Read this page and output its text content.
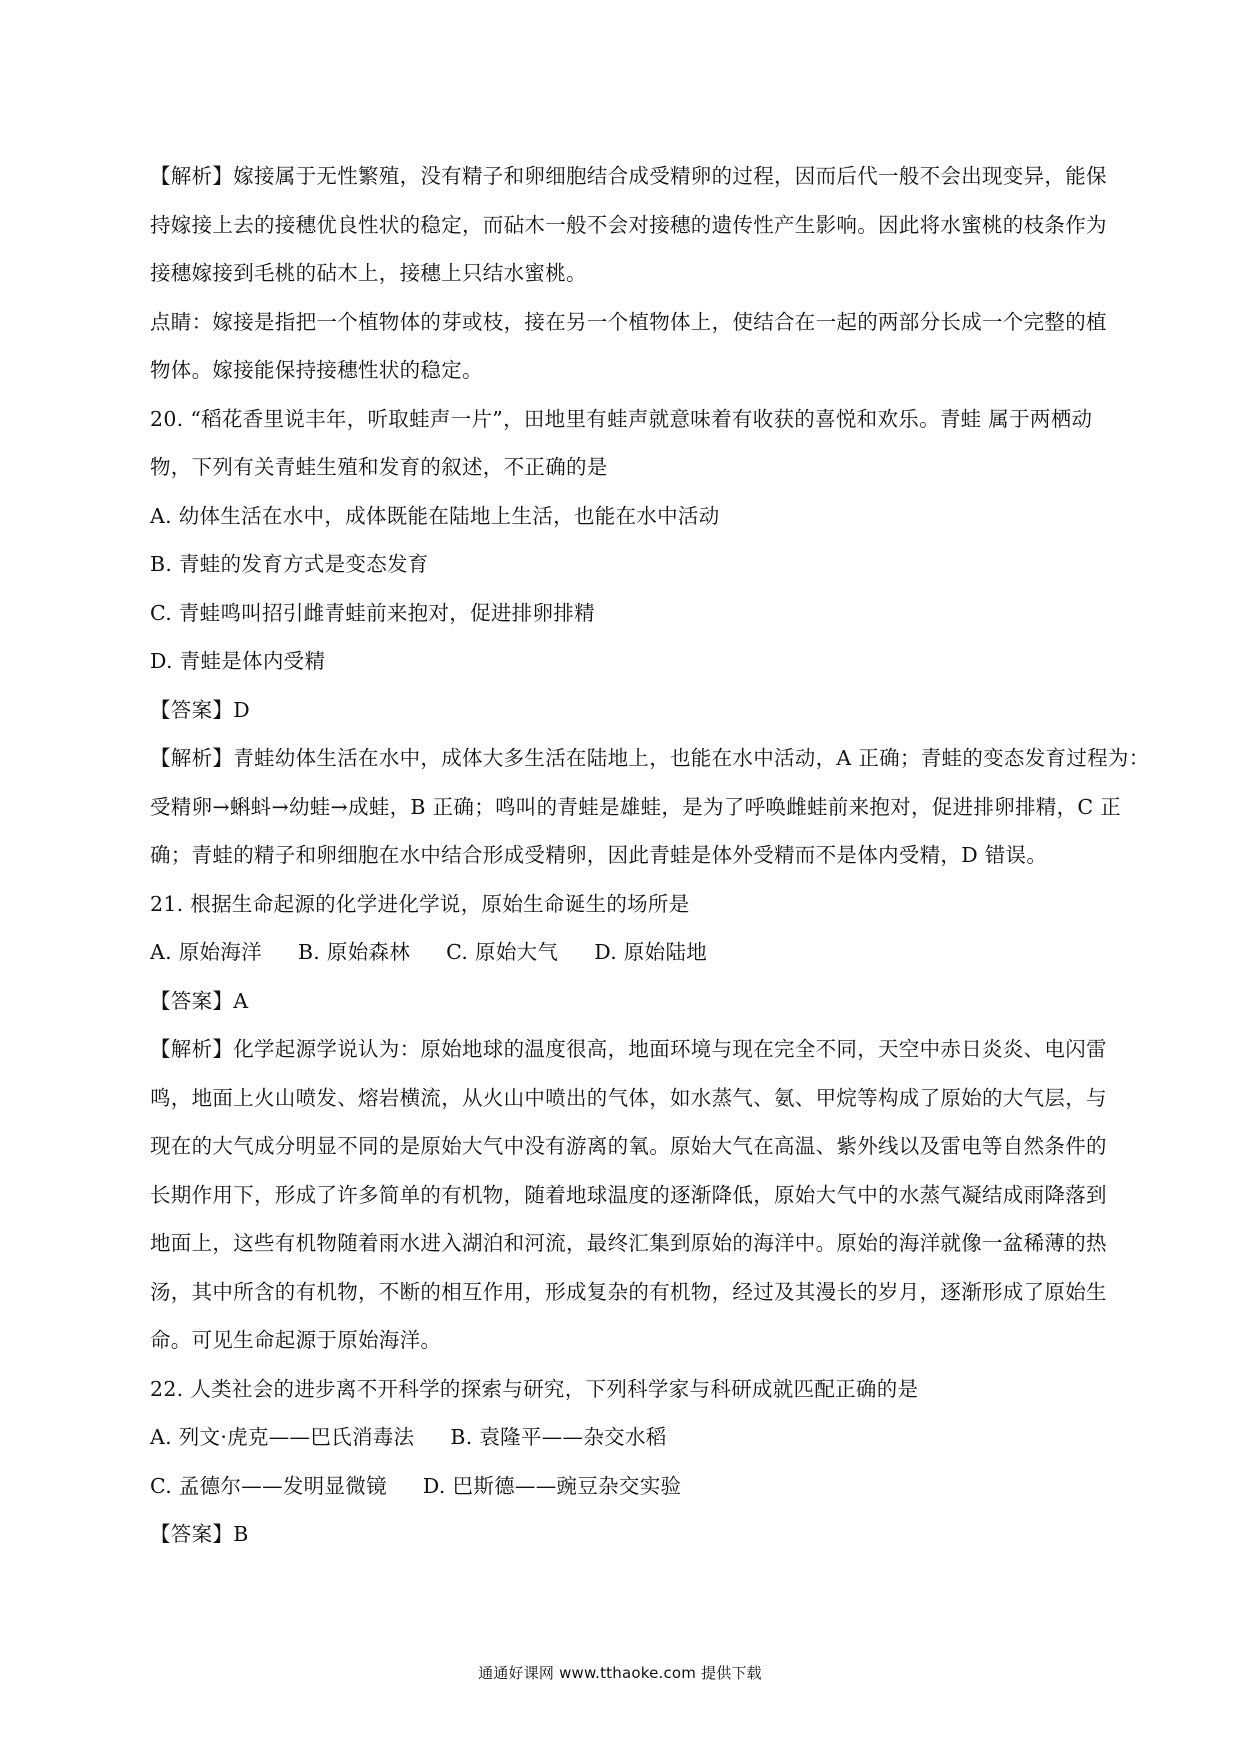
【解析】嫁接属于无性繁殖，没有精子和卵细胞结合成受精卵的过程，因而后代一般不会出现变异，能保
持嫁接上去的接穗优良性状的稳定，而砧木一般不会对接穗的遗传性产生影响。因此将水蜜桃的枝条作为
接穗嫁接到毛桃的砧木上，接穗上只结水蜜桃。

点睛：嫁接是指把一个植物体的芽或枝，接在另一个植物体上，使结合在一起的两部分长成一个完整的植
物体。嫁接能保持接穗性状的稳定。

20. “稻花香里说丰年，听取蛙声一片”，田地里有蛙声就意味着有收获的喜悦和欢乐。青蛙 属于两栖动
物，下列有关青蛙生殖和发育的叙述，不正确的是

A. 幼体生活在水中，成体既能在陆地上生活，也能在水中活动
B. 青蛙的发育方式是变态发育
C. 青蛙鸣叫招引雌青蛙前来抱对，促进排卵排精
D. 青蛙是体内受精

【答案】D

【解析】青蛙幼体生活在水中，成体大多生活在陆地上，也能在水中活动，A 正确；青蛙的变态发育过程为：
受精卵→蝌蚪→幼蛙→成蛙，B 正确；鸣叫的青蛙是雄蛙，是为了呼唤雌蛙前来抱对，促进排卵排精，C 正
确；青蛙的精子和卵细胞在水中结合形成受精卵，因此青蛙是体外受精而不是体内受精，D 错误。

21. 根据生命起源的化学进化学说，原始生命诞生的场所是

A. 原始海洋 B. 原始森林 C. 原始大气 D. 原始陆地

【答案】A

【解析】化学起源学说认为：原始地球的温度很高，地面环境与现在完全不同，天空中赤日炎炎、电闪雷
鸣，地面上火山喷发、熔岩横流，从火山中喷出的气体，如水蒸气、氨、甲烷等构成了原始的大气层，与
现在的大气成分明显不同的是原始大气中没有游离的氧。原始大气在高温、紫外线以及雷电等自然条件的
长期作用下，形成了许多简单的有机物，随着地球温度的逐渐降低，原始大气中的水蒸气凝结成雨降落到
地面上，这些有机物随着雨水进入湖泊和河流，最终汇集到原始的海洋中。原始的海洋就像一盆稀薄的热
汤，其中所含的有机物，不断的相互作用，形成复杂的有机物，经过及其漫长的岁月，逐渐形成了原始生
命。可见生命起源于原始海洋。

22. 人类社会的进步离不开科学的探索与研究，下列科学家与科研成就匹配正确的是

A. 列文·虎克——巴氏消毒法 B. 袁隆平——杂交水稻

C. 孟德尔——发明显微镜 D. 巴斯德——豌豆杂交实验

【答案】B

通通好课网 www.tthaoke.com 提供下载
